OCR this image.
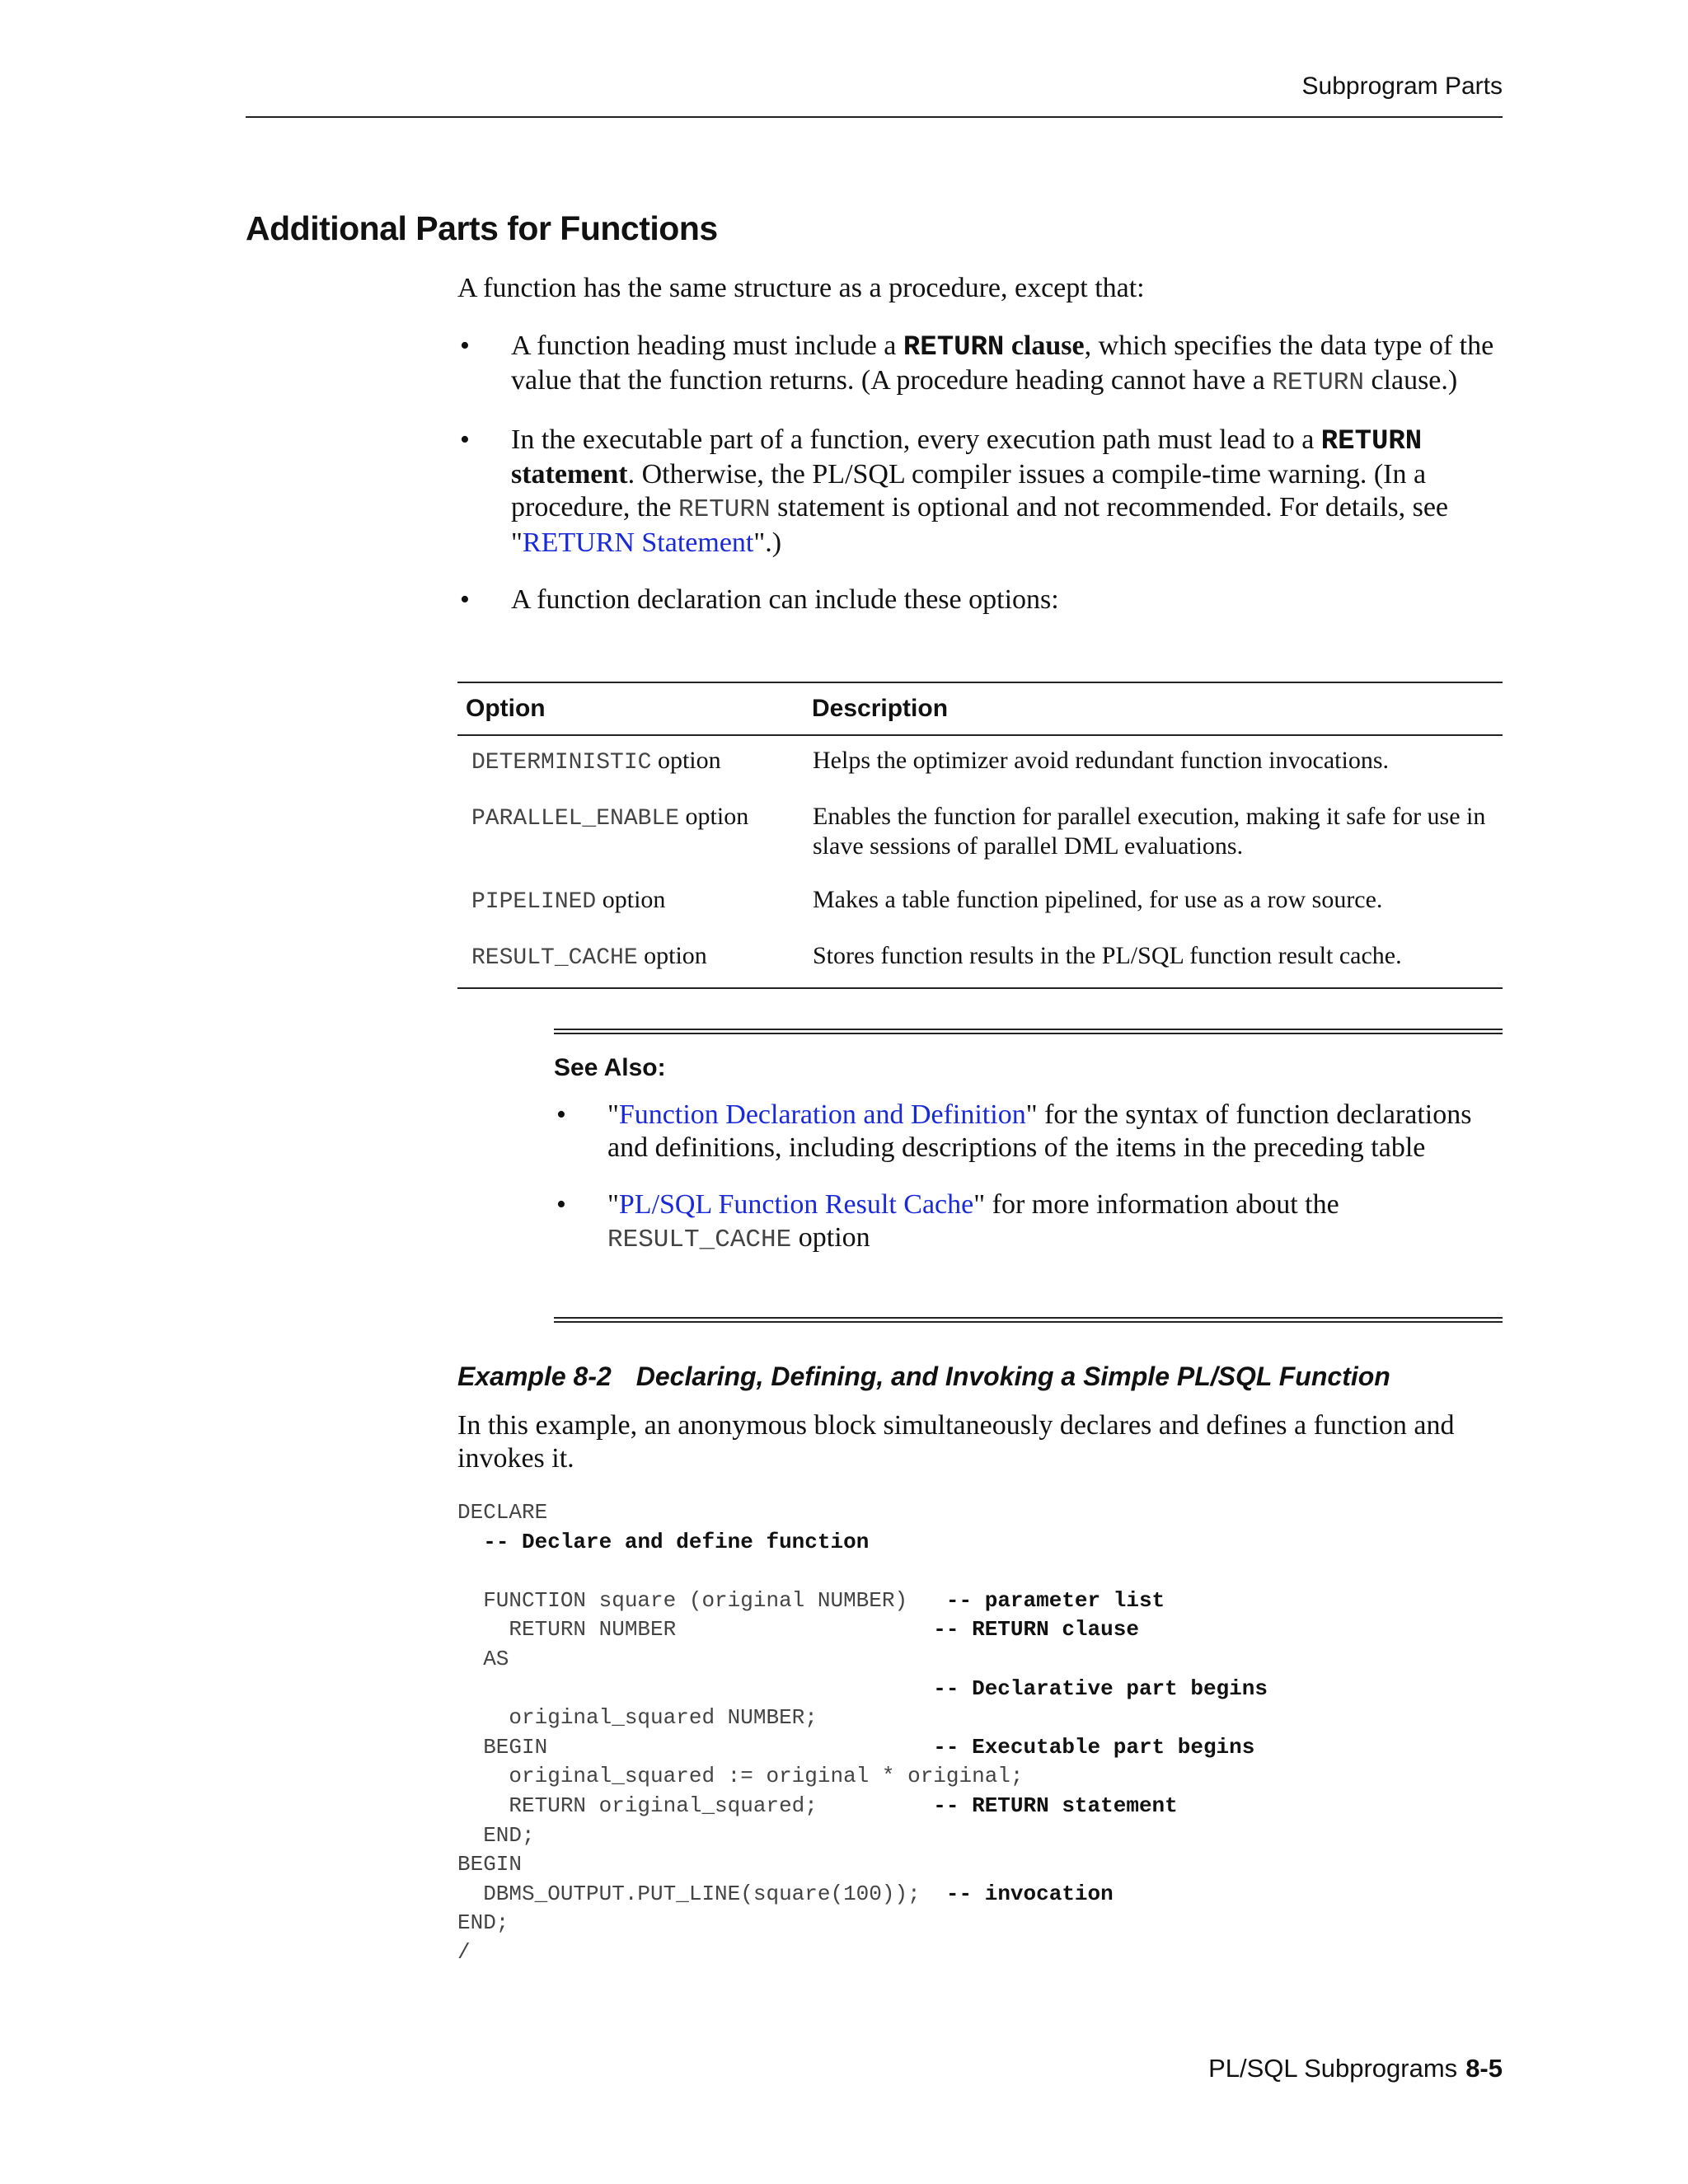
Subprogram Parts
Additional Parts for Functions
A function has the same structure as a procedure, except that:
• A function heading must include a RETURN clause, which specifies the data type of the value that the function returns. (A procedure heading cannot have a RETURN clause.)
• In the executable part of a function, every execution path must lead to a RETURN statement. Otherwise, the PL/SQL compiler issues a compile-time warning. (In a procedure, the RETURN statement is optional and not recommended. For details, see "RETURN Statement".)
• A function declaration can include these options:
Option	Description
DETERMINISTIC option	Helps the optimizer avoid redundant function invocations.
PARALLEL_ENABLE option	Enables the function for parallel execution, making it safe for use in slave sessions of parallel DML evaluations.
PIPELINED option	Makes a table function pipelined, for use as a row source.
RESULT_CACHE option	Stores function results in the PL/SQL function result cache.
See Also:
• "Function Declaration and Definition" for the syntax of function declarations and definitions, including descriptions of the items in the preceding table
• "PL/SQL Function Result Cache" for more information about the RESULT_CACHE option
Example 8-2 Declaring, Defining, and Invoking a Simple PL/SQL Function
In this example, an anonymous block simultaneously declares and defines a function and invokes it.
DECLARE
-- Declare and define function

FUNCTION square (original NUMBER)   -- parameter list
RETURN NUMBER                    -- RETURN clause
AS
-- Declarative part begins
original_squared NUMBER;
BEGIN                              -- Executable part begins
original_squared := original * original;
RETURN original_squared;         -- RETURN statement
END;
BEGIN
DBMS_OUTPUT.PUT_LINE(square(100));  -- invocation
END;
/
PL/SQL Subprograms 8-5
